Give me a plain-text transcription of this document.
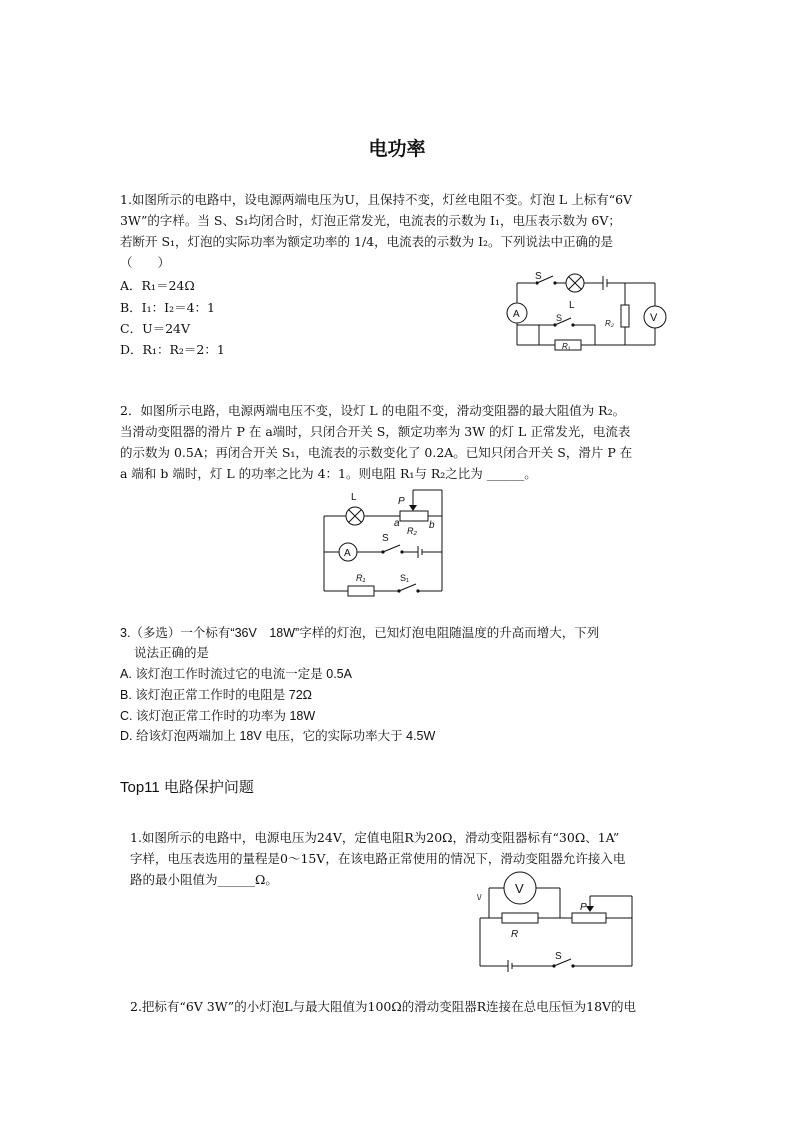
电功率
1.如图所示的电路中，设电源两端电压为U，且保持不变，灯丝电阻不变。灯泡 L 上标有“6V
3W”的字样。当 S、S₁均闭合时，灯泡正常发光，电流表的示数为 I₁，电压表示数为 6V；
若断开 S₁，灯泡的实际功率为额定功率的 1/4，电流表的示数为 I₂。下列说法中正确的是
（　　）
A．R₁＝24Ω
B．I₁：I₂＝4：1
C．U＝24V
D．R₁：R₂＝2：1
S
L
S
R₁
R₂
A	V
2．如图所示电路，电源两端电压不变，设灯 L 的电阻不变，滑动变阻器的最大阻值为 R₂。
当滑动变阻器的滑片 P 在 a端时，只闭合开关 S，额定功率为 3W 的灯 L 正常发光，电流表
的示数为 0.5A；再闭合开关 S₁，电流表的示数变化了 0.2A。已知只闭合开关 S，滑片 P 在
a 端和 b 端时，灯 L 的功率之比为 4：1。则电阻 R₁与 R₂之比为 ______。
L	P
a	b
R₂
A
S
R₁	S₁
3.（多选）一个标有“36V　18W”字样的灯泡，已知灯泡电阻随温度的升高而增大，下列
说法正确的是
A. 该灯泡工作时流过它的电流一定是 0.5A
B. 该灯泡正常工作时的电阻是 72Ω
C. 该灯泡正常工作时的功率为 18W
D. 给该灯泡两端加上 18V 电压，它的实际功率大于 4.5W
Top11 电路保护问题
1.如图所示的电路中，电源电压为24V，定值电阻R为20Ω，滑动变阻器标有“30Ω、1A”
字样，电压表选用的量程是0～15V，在该电路正常使用的情况下，滑动变阻器允许接入电
路的最小阻值为______Ω。
V
\/
R
P
S
2.把标有“6V 3W”的小灯泡L与最大阻值为100Ω的滑动变阻器R连接在总电压恒为18V的电
